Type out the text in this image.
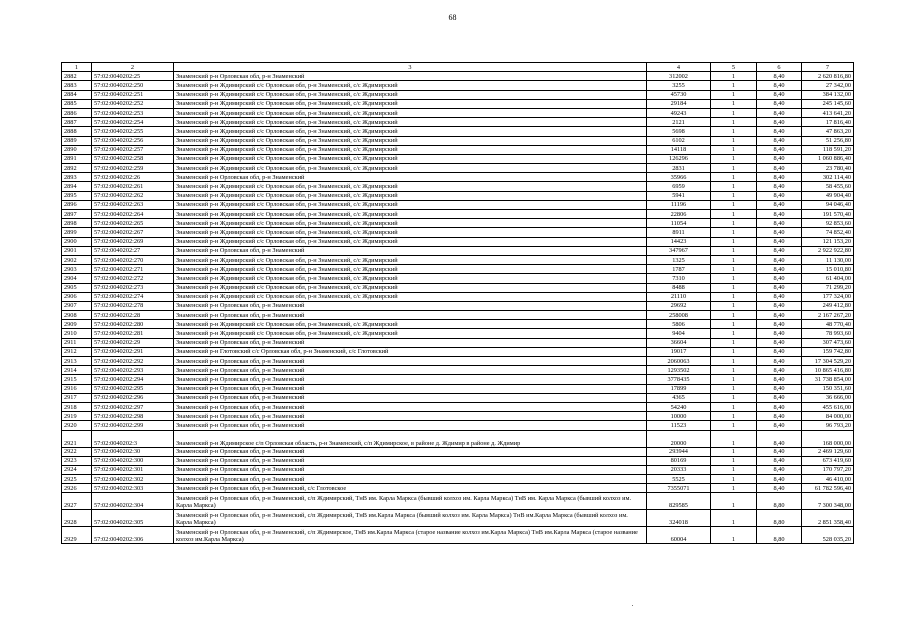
68
1	2	3	4	5	6	7
2882	57:02:0040202:25	Знаменский р-н Орловская обл, р-н Знаменский	312002	1	8,40	2 620 816,80
2883	57:02:0040202:250	Знаменский р-н Ждимирский с/с Орловская обл, р-н Знаменский, с/с Ждимирский	3255	1	8,40	27 342,00
2884	57:02:0040202:251	Знаменский р-н Ждимирский с/с Орловская обл, р-н Знаменский, с/с Ждимирский	45730	1	8,40	384 132,00
2885	57:02:0040202:252	Знаменский р-н Ждимирский с/с Орловская обл, р-н Знаменский, с/с Ждимирский	29184	1	8,40	245 145,60
2886	57:02:0040202:253	Знаменский р-н Ждимирский с/с Орловская обл, р-н Знаменский, с/с Ждимирский	49243	1	8,40	413 641,20
2887	57:02:0040202:254	Знаменский р-н Ждимирский с/с Орловская обл, р-н Знаменский, с/с Ждимирский	2121	1	8,40	17 816,40
2888	57:02:0040202:255	Знаменский р-н Ждимирский с/с Орловская обл, р-н Знаменский, с/с Ждимирский	5698	1	8,40	47 863,20
2889	57:02:0040202:256	Знаменский р-н Ждимирский с/с Орловская обл, р-н Знаменский, с/с Ждимирский	6102	1	8,40	51 256,80
2890	57:02:0040202:257	Знаменский р-н Ждимирский с/с Орловская обл, р-н Знаменский, с/с Ждимирский	14118	1	8,40	118 591,20
2891	57:02:0040202:258	Знаменский р-н Ждимирский с/с Орловская обл, р-н Знаменский, с/с Ждимирский	126296	1	8,40	1 060 886,40
2892	57:02:0040202:259	Знаменский р-н Ждимирский с/с Орловская обл, р-н Знаменский, с/с Ждимирский	2831	1	8,40	23 780,40
2893	57:02:0040202:26	Знаменский р-н Орловская обл, р-н Знаменский	35966	1	8,40	302 114,40
2894	57:02:0040202:261	Знаменский р-н Ждимирский с/с Орловская обл, р-н Знаменский, с/с Ждимирский	6959	1	8,40	58 455,60
2895	57:02:0040202:262	Знаменский р-н Ждимирский с/с Орловская обл, р-н Знаменский, с/с Ждимирский	5941	1	8,40	49 904,40
2896	57:02:0040202:263	Знаменский р-н Ждимирский с/с Орловская обл, р-н Знаменский, с/с Ждимирский	11196	1	8,40	94 046,40
2897	57:02:0040202:264	Знаменский р-н Ждимирский с/с Орловская обл, р-н Знаменский, с/с Ждимирский	22806	1	8,40	191 570,40
2898	57:02:0040202:265	Знаменский р-н Ждимирский с/с Орловская обл, р-н Знаменский, с/с Ждимирский	11054	1	8,40	92 853,60
2899	57:02:0040202:267	Знаменский р-н Ждимирский с/с Орловская обл, р-н Знаменский, с/с Ждимирский	8911	1	8,40	74 852,40
2900	57:02:0040202:269	Знаменский р-н Ждимирский с/с Орловская обл, р-н Знаменский, с/с Ждимирский	14423	1	8,40	121 153,20
2901	57:02:0040202:27	Знаменский р-н Орловская обл, р-н Знаменский	347967	1	8,40	2 922 922,80
2902	57:02:0040202:270	Знаменский р-н Ждимирский с/с Орловская обл, р-н Знаменский, с/с Ждимирский	1325	1	8,40	11 130,00
2903	57:02:0040202:271	Знаменский р-н Ждимирский с/с Орловская обл, р-н Знаменский, с/с Ждимирский	1787	1	8,40	15 010,80
2904	57:02:0040202:272	Знаменский р-н Ждимирский с/с Орловская обл, р-н Знаменский, с/с Ждимирский	7310	1	8,40	61 404,00
2905	57:02:0040202:273	Знаменский р-н Ждимирский с/с Орловская обл, р-н Знаменский, с/с Ждимирский	8488	1	8,40	71 299,20
2906	57:02:0040202:274	Знаменский р-н Ждимирский с/с Орловская обл, р-н Знаменский, с/с Ждимирский	21110	1	8,40	177 324,00
2907	57:02:0040202:278	Знаменский р-н Орловская обл, р-н Знаменский	29692	1	8,40	249 412,80
2908	57:02:0040202:28	Знаменский р-н Орловская обл, р-н Знаменский	258008	1	8,40	2 167 267,20
2909	57:02:0040202:280	Знаменский р-н Ждимирский с/с Орловская обл, р-н Знаменский, с/с Ждимирский	5806	1	8,40	48 770,40
2910	57:02:0040202:281	Знаменский р-н Ждимирский с/с Орловская обл, р-н Знаменский, с/с Ждимирский	9404	1	8,40	78 993,60
2911	57:02:0040202:29	Знаменский р-н Орловская обл, р-н Знаменский	36604	1	8,40	307 473,60
2912	57:02:0040202:291	Знаменский р-н Глотовский с/с Орловская обл, р-н Знаменский, с/с Глотовский	19017	1	8,40	159 742,80
2913	57:02:0040202:292	Знаменский р-н Орловская обл, р-н Знаменский	2060063	1	8,40	17 304 529,20
2914	57:02:0040202:293	Знаменский р-н Орловская обл, р-н Знаменский	1293502	1	8,40	10 865 416,80
2915	57:02:0040202:294	Знаменский р-н Орловская обл, р-н Знаменский	3778435	1	8,40	31 738 854,00
2916	57:02:0040202:295	Знаменский р-н Орловская обл, р-н Знаменский	17899	1	8,40	150 351,60
2917	57:02:0040202:296	Знаменский р-н Орловская обл, р-н Знаменский	4365	1	8,40	36 666,00
2918	57:02:0040202:297	Знаменский р-н Орловская обл, р-н Знаменский	54240	1	8,40	455 616,00
2919	57:02:0040202:298	Знаменский р-н Орловская обл, р-н Знаменский	10000	1	8,40	84 000,00
2920	57:02:0040202:299	Знаменский р-н Орловская обл, р-н Знаменский	11523	1	8,40	96 793,20
2921	57:02:0040202:3	Знаменский р-н Ждимирское с/п Орловская область, р-н Знаменский, с/п Ждимирское, в районе д. Ждимир в районе д. Ждимир	20000	1	8,40	168 000,00
2922	57:02:0040202:30	Знаменский р-н Орловская обл, р-н Знаменский	293944	1	8,40	2 469 129,60
2923	57:02:0040202:300	Знаменский р-н Орловская обл, р-н Знаменский	80169	1	8,40	673 419,60
2924	57:02:0040202:301	Знаменский р-н Орловская обл, р-н Знаменский	20333	1	8,40	170 797,20
2925	57:02:0040202:302	Знаменский р-н Орловская обл, р-н Знаменский	5525	1	8,40	46 410,00
2926	57:02:0040202:303	Знаменский р-н Орловская обл, р-н Знаменский, с/с Глотовское	7355071	1	8,40	61 782 596,40
2927	57:02:0040202:304	Знаменский р-н Орловская обл, р-н Знаменский, с/п Ждимирский, ТнВ им. Карла Маркса (бывший колхоз им. Карла Маркса) ТнВ им. Карла Маркса (бывший колхоз им. Карла Маркса)	829585	1	8,80	7 300 348,00
2928	57:02:0040202:305	Знаменский р-н Орловская обл, р-н Знаменский, с/п Ждимирский, ТнВ им.Карла Маркса (бывший колхоз им. Карла Маркса) ТнВ им.Карла Маркса (бывший колхоз им. Карла Маркса)	324018	1	8,80	2 851 358,40
2929	57:02:0040202:306	Знаменский р-н Орловская обл, р-н Знаменский, с/п Ждимирское, ТнВ им.Карла Маркса (старое название колхоз им.Карла Маркса) ТнВ им.Карла Маркса (старое название колхоз им.Карла Маркса)	60004	1	8,80	528 035,20
